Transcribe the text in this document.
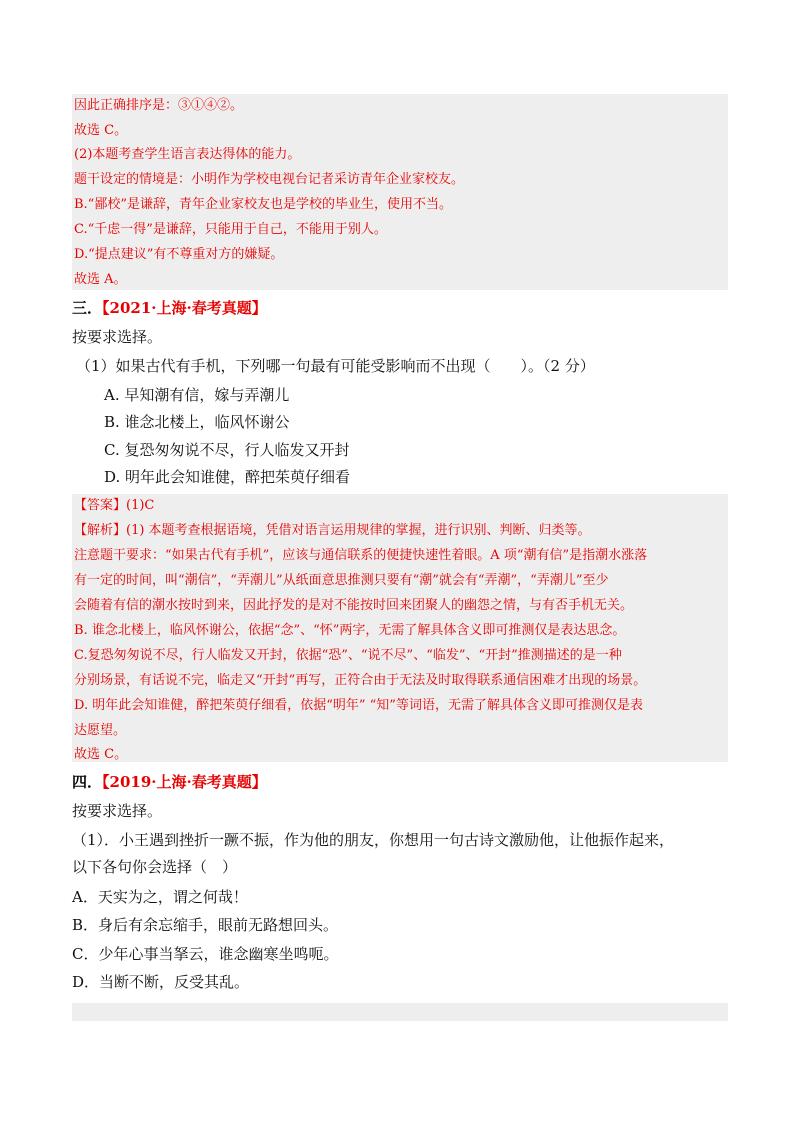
因此正确排序是：③①④②。
故选 C。
(2)本题考查学生语言表达得体的能力。
题干设定的情境是：小明作为学校电视台记者采访青年企业家校友。
B.“鄙校”是谦辞，青年企业家校友也是学校的毕业生，使用不当。
C.“千虑一得”是谦辞，只能用于自己，不能用于别人。
D.“提点建议”有不尊重对方的嫌疑。
故选 A。
三．【2021·上海·春考真题】
按要求选择。
（1）如果古代有手机，下列哪一句最有可能受影响而不出现（　　）。（2 分）
A. 早知潮有信，嫁与弄潮儿
B. 谁念北楼上，临风怀谢公
C. 复恐匆匆说不尽，行人临发又开封
D. 明年此会知谁健，醉把茱萸仔细看
【答案】(1)C
【解析】(1) 本题考查根据语境，凭借对语言运用规律的掌握，进行识别、判断、归类等。
注意题干要求：“如果古代有手机”，应该与通信联系的便捷快速性着眼。A 项“潮有信”是指潮水涨落
有一定的时间，叫“潮信”，“弄潮儿”从纸面意思推测只要有“潮”就会有“弄潮”，“弄潮儿”至少
会随着有信的潮水按时到来，因此抒发的是对不能按时回来团聚人的幽怨之情，与有否手机无关。
B. 谁念北楼上，临风怀谢公，依据“念”、“怀”两字，无需了解具体含义即可推测仅是表达思念。
C.复恐匆匆说不尽，行人临发又开封，依据“恐”、“说不尽”、“临发”、“开封”推测描述的是一种
分别场景，有话说不完，临走又“开封”再写，正符合由于无法及时取得联系通信困难才出现的场景。
D. 明年此会知谁健，醉把茱萸仔细看，依据“明年” “知”等词语，无需了解具体含义即可推测仅是表
达愿望。
故选 C。
四．【2019·上海·春考真题】
按要求选择。
（1）．小王遇到挫折一蹶不振，作为他的朋友，你想用一句古诗文激励他，让他振作起来，
以下各句你会选择（　）
A．天实为之，谓之何哉！
B．身后有余忘缩手，眼前无路想回头。
C．少年心事当拏云，谁念幽寒坐鸣呃。
D．当断不断，反受其乱。
